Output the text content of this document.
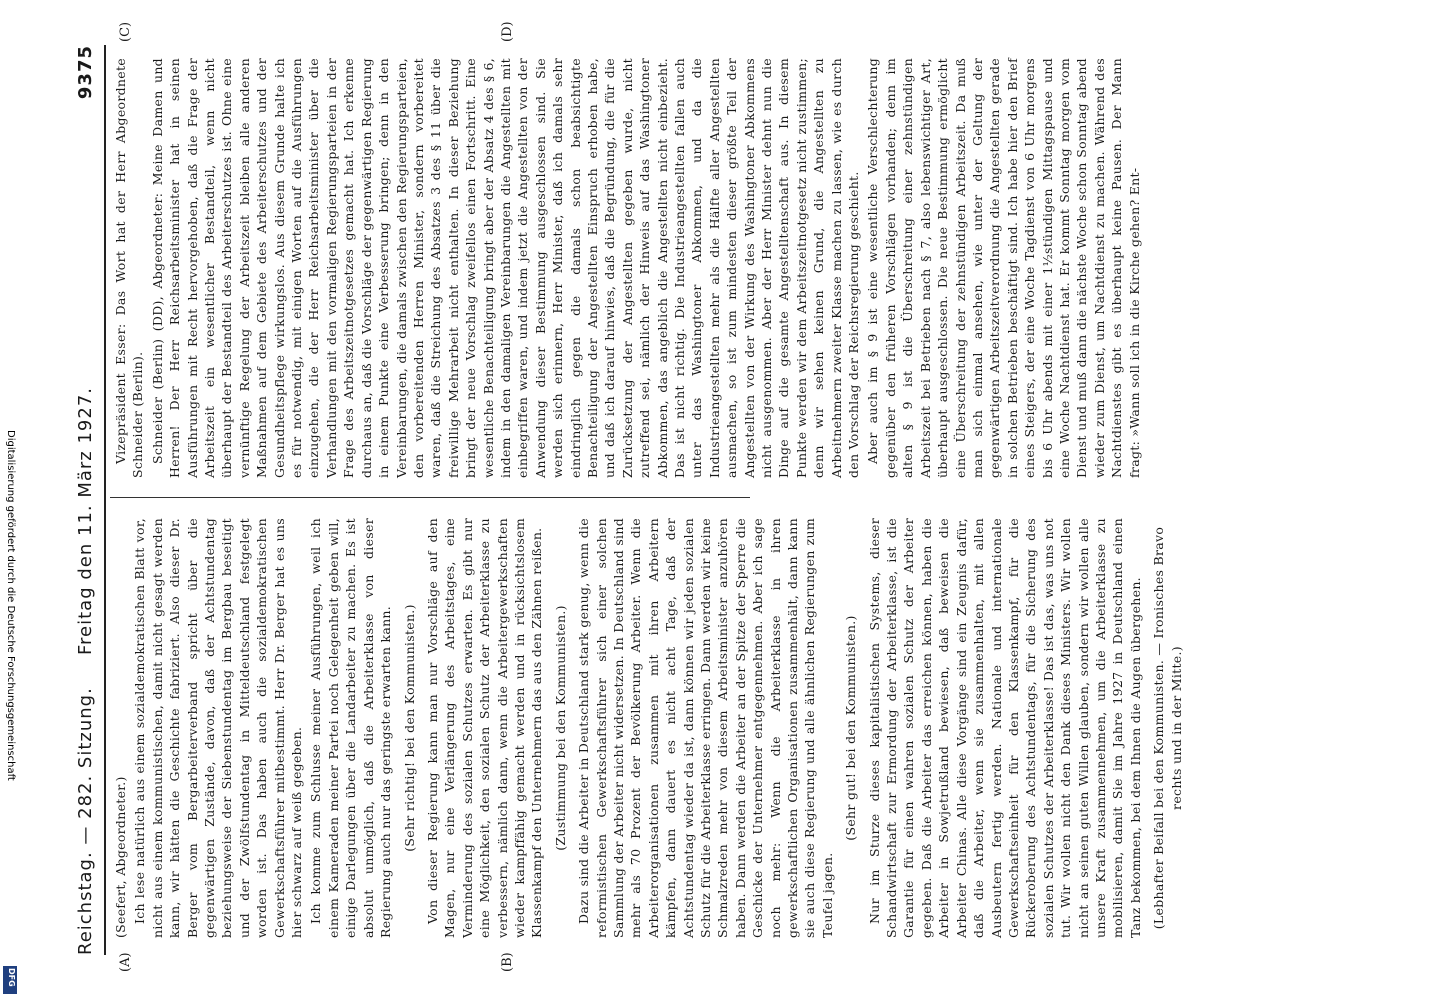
Reichstag. — 282. Sitzung.
Freitag den 11. März 1927.
9375
(A)	(B)
(C)	(D)

(Seefert, Abgeordneter.) Ich lese natürlich aus einem sozialdemokratischen Blatt vor, nicht aus einem kommunistischen, damit nicht gesagt werden kann, wir hätten die Geschichte fabriziert. Also dieser Dr. Berger vom Bergarbeiterverband spricht über die gegenwärtigen Zustände, davon, daß der Achtstundentag beziehungsweise der Siebenstundentag im Bergbau beseitigt und der Zwölfstundentag in Mitteldeutschland festgelegt worden ist. Das haben auch die sozialdemokratischen Gewerkschaftsführer mitbestimmt. Herr Dr. Berger hat es uns hier schwarz auf weiß gegeben. Ich komme zum Schlusse meiner Ausführungen, weil ich einem Kameraden meiner Partei noch Gelegenheit geben will, einige Darlegungen über die Landarbeiter zu machen. Es ist absolut unmöglich, daß die Arbeiterklasse von dieser Regierung auch nur das geringste erwarten kann. (Sehr richtig! bei den Kommunisten.) Von dieser Regierung kann man nur Vorschläge auf den Magen, nur eine Verlängerung des Arbeitstages, eine Verminderung des sozialen Schutzes erwarten. Es gibt nur eine Möglichkeit, den sozialen Schutz der Arbeiterklasse zu verbessern, nämlich dann, wenn die Arbeitergewerkschaften wieder kampffähig gemacht werden und in rücksichtslosem Klassenkampf den Unternehmern das aus den Zähnen reißen. (Zustimmung bei den Kommunisten.) Dazu sind die Arbeiter in Deutschland stark genug, wenn die reformistischen Gewerkschaftsführer sich einer solchen Sammlung der Arbeiter nicht widersetzen. In Deutschland sind mehr als 70 Prozent der Bevölkerung Arbeiter. Wenn die Arbeiterorganisationen zusammen mit ihren Arbeitern kämpfen, dann dauert es nicht acht Tage, daß der Achtstundentag wieder da ist, dann können wir jeden sozialen Schutz für die Arbeiterklasse erringen. Dann werden wir keine Schmalzreden mehr von diesem Arbeitsminister anzuhören haben. Dann werden die Arbeiter an der Spitze der Sperre die Geschicke der Unternehmer entgegennehmen. Aber ich sage noch mehr: Wenn die Arbeiterklasse in ihren gewerkschaftlichen Organisationen zusammenhält, dann kann sie auch diese Regierung und alle ähnlichen Regierungen zum Teufel jagen.

(Sehr gut! bei den Kommunisten.) Nur im Sturze dieses kapitalistischen Systems, dieser Schandwirtschaft zur Ermordung der Arbeiterklasse, ist die Garantie für einen wahren sozialen Schutz der Arbeiter gegeben. Daß die Arbeiter das erreichen können, haben die Arbeiter in Sowjetrußland bewiesen, daß beweisen die Arbeiter Chinas. Alle diese Vorgänge sind ein Zeugnis dafür, daß die Arbeiter, wenn sie zusammenhalten, mit allen Ausbeutern fertig werden. Nationale und internationale Gewerkschaftseinheit für den Klassenkampf, für die Rückeroberung des Achtstundentags, für die Sicherung des sozialen Schutzes der Arbeiterklasse! Das ist das, was uns not tut. Wir wollen nicht den Dank dieses Ministers. Wir wollen nicht an seinen guten Willen glauben, sondern wir wollen alle unsere Kraft zusammennehmen, um die Arbeiterklasse zu mobilisieren, damit Sie im Jahre 1927 in Deutschland einen Tanz bekommen, bei dem Ihnen die Augen übergehen. (Lebhafter Beifall bei den Kommunisten. — Ironisches Bravo rechts und in der Mitte.)

Vizepräsident Esser: Das Wort hat der Herr Abgeordnete Schneider (Berlin). Schneider (Berlin) (DD), Abgeordneter: Meine Damen und Herren! Der Herr Reichsarbeitsminister hat in seinen Ausführungen mit Recht hervorgehoben, daß die Frage der Arbeitszeit ein wesentlicher Bestandteil, wenn nicht überhaupt der Bestandteil des Arbeiterschutzes ist. Ohne eine vernünftige Regelung der Arbeitszeit bleiben alle anderen Maßnahmen auf dem Gebiete des Arbeiterschutzes und der Gesundheitspflege wirkungslos. Aus diesem Grunde halte ich es für notwendig, mit einigen Worten auf die Ausführungen einzugehen, die der Herr Reichsarbeitsminister über die Verhandlungen mit den vormaligen Regierungsparteien in der Frage des Arbeitszeitnotgesetzes gemacht hat. Ich erkenne durchaus an, daß die Vorschläge der gegenwärtigen Regierung in einem Punkte eine Verbesserung bringen; denn in den Vereinbarungen, die damals zwischen den Regierungsparteien, den vorbereitenden Herren Minister, sondern vorbereitet waren, daß die Streichung des Absatzes 3 des § 11 über die freiwillige Mehrarbeit nicht enthalten. In dieser Beziehung bringt der neue Vorschlag zweifellos einen Fortschritt. Eine wesentliche Benachteiligung bringt aber der Absatz 4 des § 6, indem in den damaligen Vereinbarungen die Angestellten mit einbegriffen waren, und indem jetzt die Angestellten von der Anwendung dieser Bestimmung ausgeschlossen sind. Sie werden sich erinnern, Herr Minister, daß ich damals sehr eindringlich gegen die damals schon beabsichtigte Benachteiligung der Angestellten Einspruch erhoben habe, und daß ich darauf hinwies, daß die Begründung, die für die Zurücksetzung der Angestellten gegeben wurde, nicht zutreffend sei, nämlich der Hinweis auf das Washingtoner Abkommen, das angeblich die Angestellten nicht einbezieht. Das ist nicht richtig. Die Industrieangestellten fallen auch unter das Washingtoner Abkommen, und da die Industrieangestellten mehr als die Hälfte aller Angestellten ausmachen, so ist zum mindesten dieser größte Teil der Angestellten von der Wirkung des Washingtoner Abkommens nicht ausgenommen. Aber der Herr Minister dehnt nun die Dinge auf die gesamte Angestelltenschaft aus. In diesem Punkte werden wir dem Arbeitszeitnotgesetz nicht zustimmen; denn wir sehen keinen Grund, die Angestellten zu Arbeitnehmern zweiter Klasse machen zu lassen, wie es durch den Vorschlag der Reichsregierung geschieht. Aber auch im § 9 ist eine wesentliche Verschlechterung gegenüber den früheren Vorschlägen vorhanden; denn im alten § 9 ist die Überschreitung einer zehnstündigen Arbeitszeit bei Betrieben nach § 7, also lebenswichtiger Art, überhaupt ausgeschlossen. Die neue Bestimmung ermöglicht eine Überschreitung der zehnstündigen Arbeitszeit. Da muß man sich einmal ansehen, wie unter der Geltung der gegenwärtigen Arbeitszeitverordnung die Angestellten gerade in solchen Betrieben beschäftigt sind. Ich habe hier den Brief eines Steigers, der eine Woche Tagdienst von 6 Uhr morgens bis 6 Uhr abends mit einer 1½stündigen Mittagspause und eine Woche Nachtdienst hat. Er kommt Sonntag morgen vom Dienst und muß dann die nächste Woche schon Sonntag abend wieder zum Dienst, um Nachtdienst zu machen. Während des Nachtdienstes gibt es überhaupt keine Pausen. Der Mann fragt: »Wann soll ich in die Kirche gehen? Ent-

Digitalisierung gefördert durch die Deutsche Forschungsgemeinschaft
DFG
